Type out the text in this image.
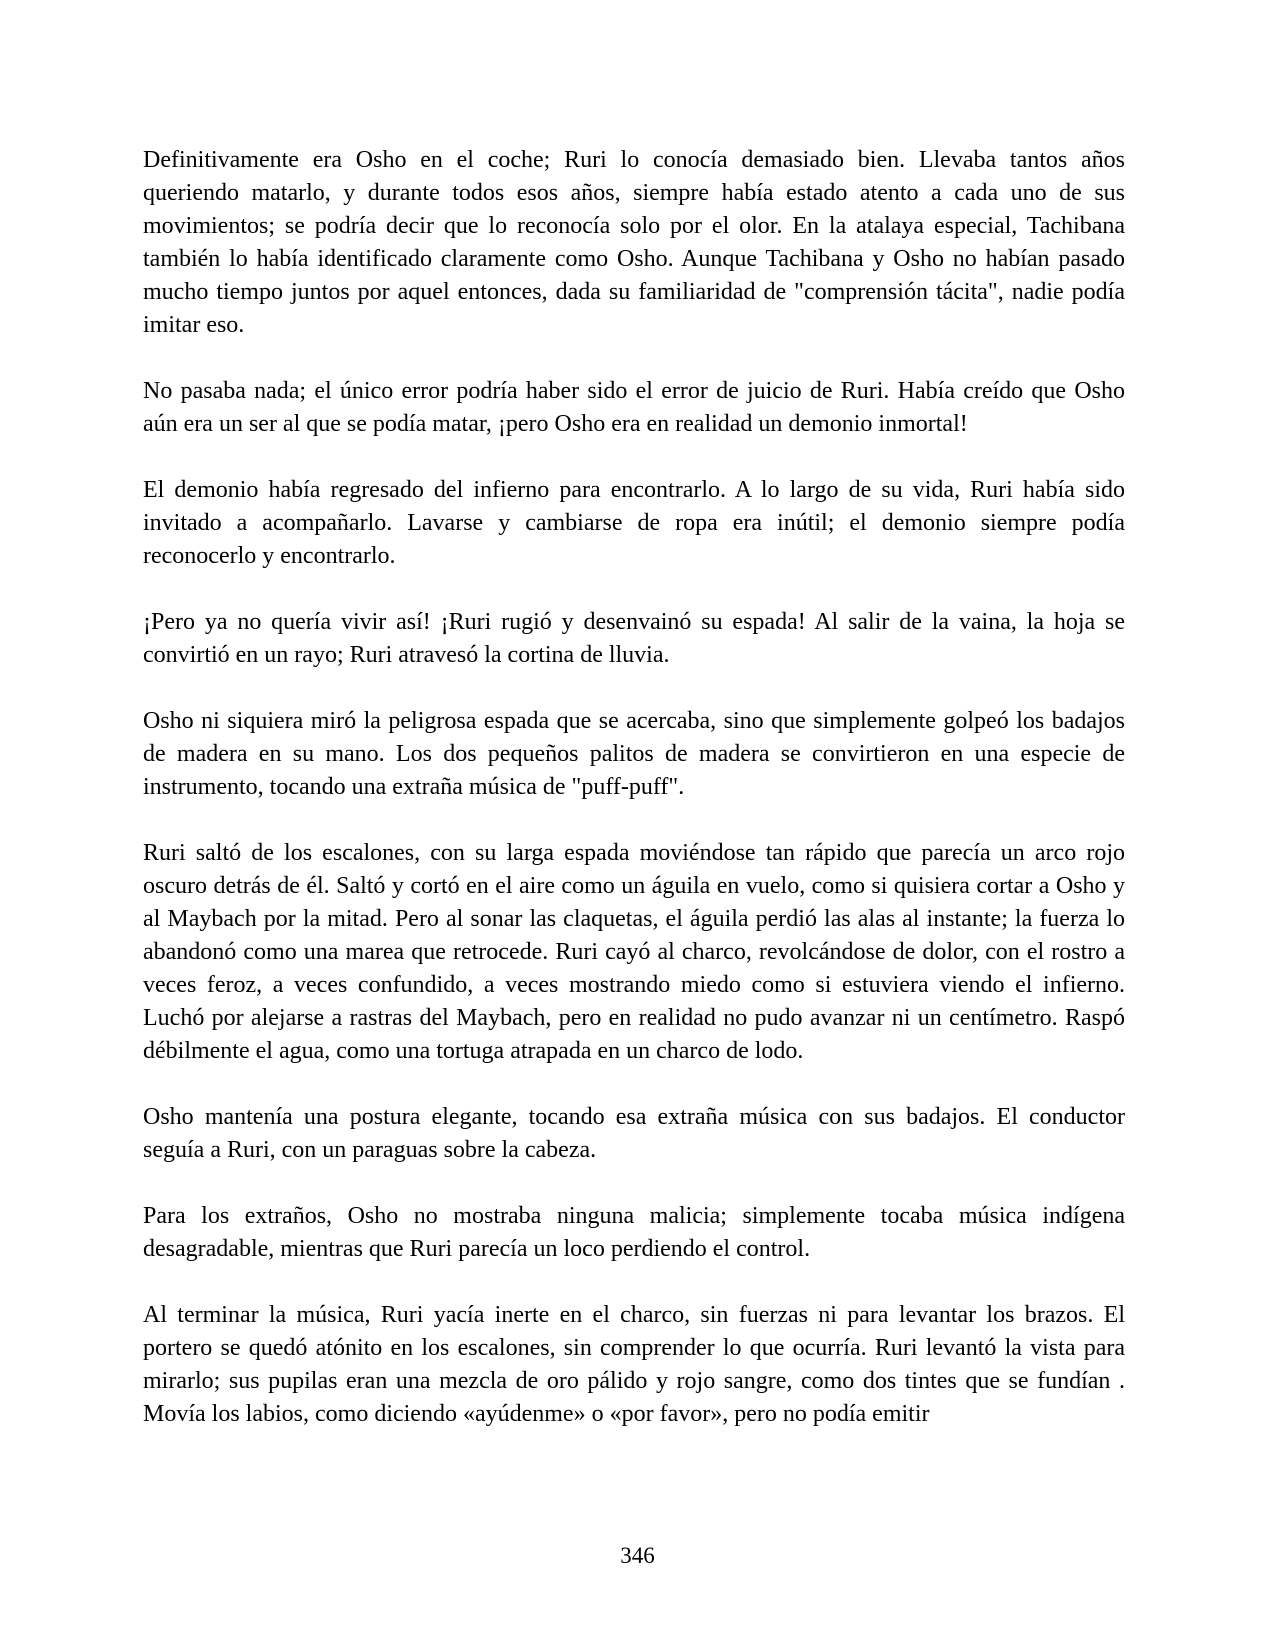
Definitivamente era Osho en el coche; Ruri lo conocía demasiado bien. Llevaba tantos años queriendo matarlo, y durante todos esos años, siempre había estado atento a cada uno de sus movimientos; se podría decir que lo reconocía solo por el olor. En la atalaya especial, Tachibana también lo había identificado claramente como Osho. Aunque Tachibana y Osho no habían pasado mucho tiempo juntos por aquel entonces, dada su familiaridad de "comprensión tácita", nadie podía imitar eso.

No pasaba nada; el único error podría haber sido el error de juicio de Ruri. Había creído que Osho aún era un ser al que se podía matar, ¡pero Osho era en realidad un demonio inmortal!

El demonio había regresado del infierno para encontrarlo. A lo largo de su vida, Ruri había sido invitado a acompañarlo. Lavarse y cambiarse de ropa era inútil; el demonio siempre podía reconocerlo y encontrarlo.

¡Pero ya no quería vivir así! ¡Ruri rugió y desenvainó su espada! Al salir de la vaina, la hoja se convirtió en un rayo; Ruri atravesó la cortina de lluvia.

Osho ni siquiera miró la peligrosa espada que se acercaba, sino que simplemente golpeó los badajos de madera en su mano. Los dos pequeños palitos de madera se convirtieron en una especie de instrumento, tocando una extraña música de "puff-puff".

Ruri saltó de los escalones, con su larga espada moviéndose tan rápido que parecía un arco rojo oscuro detrás de él. Saltó y cortó en el aire como un águila en vuelo, como si quisiera cortar a Osho y al Maybach por la mitad. Pero al sonar las claquetas, el águila perdió las alas al instante; la fuerza lo abandonó como una marea que retrocede. Ruri cayó al charco, revolcándose de dolor, con el rostro a veces feroz, a veces confundido, a veces mostrando miedo como si estuviera viendo el infierno. Luchó por alejarse a rastras del Maybach, pero en realidad no pudo avanzar ni un centímetro. Raspó débilmente el agua, como una tortuga atrapada en un charco de lodo.

Osho mantenía una postura elegante, tocando esa extraña música con sus badajos. El conductor seguía a Ruri, con un paraguas sobre la cabeza.

Para los extraños, Osho no mostraba ninguna malicia; simplemente tocaba música indígena desagradable, mientras que Ruri parecía un loco perdiendo el control.

Al terminar la música, Ruri yacía inerte en el charco, sin fuerzas ni para levantar los brazos. El portero se quedó atónito en los escalones, sin comprender lo que ocurría. Ruri levantó la vista para mirarlo; sus pupilas eran una mezcla de oro pálido y rojo sangre, como dos tintes que se fundían . Movía los labios, como diciendo «ayúdenme» o «por favor», pero no podía emitir

346
